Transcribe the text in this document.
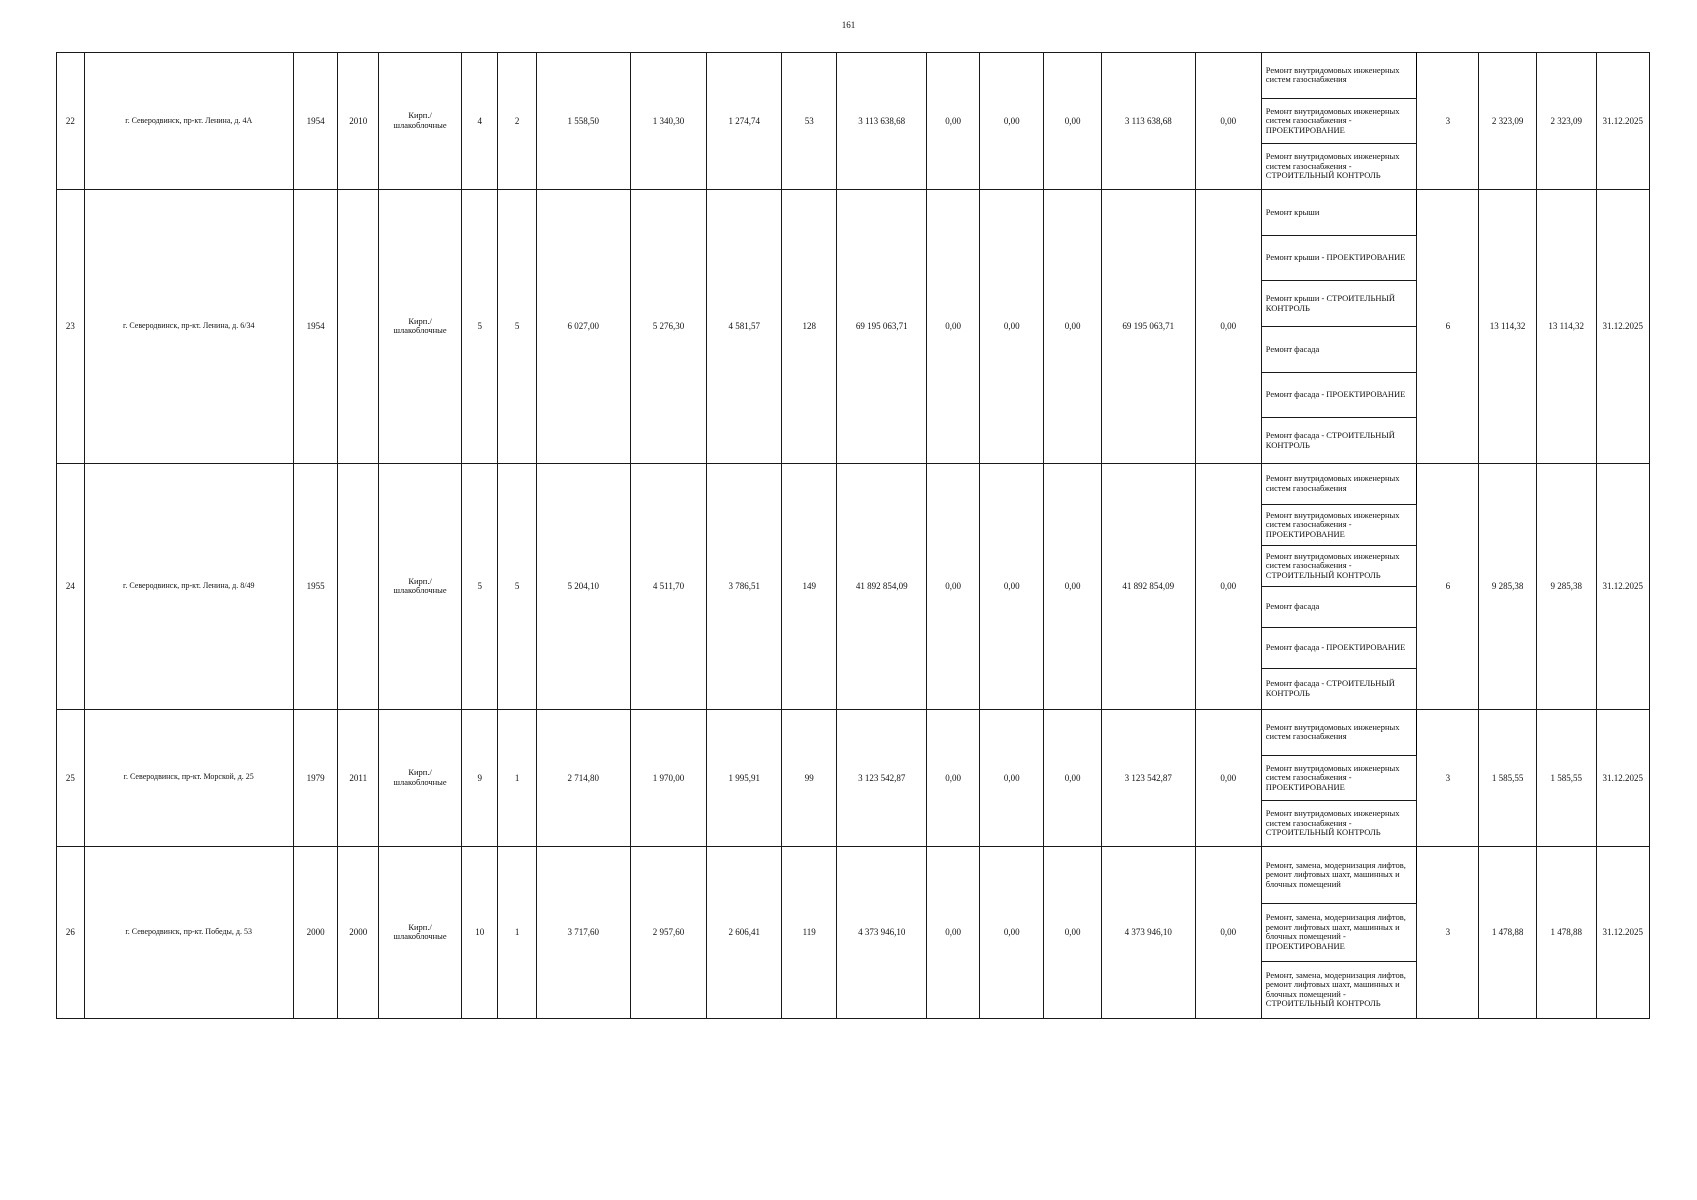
161
22	г. Северодвинск, пр-кт. Ленина, д. 4А	1954	2010	Кирп./ шлакоблочные	4	2	1 558,50	1 340,30	1 274,74	53	3 113 638,68	0,00	0,00	0,00	3 113 638,68	0,00	Ремонт внутридомовых инженерных систем газоснабжения	3	2 323,09	2 323,09	31.12.2025
																	Ремонт внутридомовых инженерных систем газоснабжения - ПРОЕКТИРОВАНИЕ				
																	Ремонт внутридомовых инженерных систем газоснабжения - СТРОИТЕЛЬНЫЙ КОНТРОЛЬ				
23	г. Северодвинск, пр-кт. Ленина, д. 6/34	1954		Кирп./ шлакоблочные	5	5	6 027,00	5 276,30	4 581,57	128	69 195 063,71	0,00	0,00	0,00	69 195 063,71	0,00	Ремонт крыши	6	13 114,32	13 114,32	31.12.2025
																	Ремонт крыши - ПРОЕКТИРОВАНИЕ				
																	Ремонт крыши - СТРОИТЕЛЬНЫЙ КОНТРОЛЬ				
																	Ремонт фасада				
																	Ремонт фасада - ПРОЕКТИРОВАНИЕ				
																	Ремонт фасада - СТРОИТЕЛЬНЫЙ КОНТРОЛЬ				
24	г. Северодвинск, пр-кт. Ленина, д. 8/49	1955		Кирп./ шлакоблочные	5	5	5 204,10	4 511,70	3 786,51	149	41 892 854,09	0,00	0,00	0,00	41 892 854,09	0,00	Ремонт внутридомовых инженерных систем газоснабжения	6	9 285,38	9 285,38	31.12.2025
																	Ремонт внутридомовых инженерных систем газоснабжения - ПРОЕКТИРОВАНИЕ				
																	Ремонт внутридомовых инженерных систем газоснабжения - СТРОИТЕЛЬНЫЙ КОНТРОЛЬ				
																	Ремонт фасада				
																	Ремонт фасада - ПРОЕКТИРОВАНИЕ				
																	Ремонт фасада - СТРОИТЕЛЬНЫЙ КОНТРОЛЬ				
25	г. Северодвинск, пр-кт. Морской, д. 25	1979	2011	Кирп./ шлакоблочные	9	1	2 714,80	1 970,00	1 995,91	99	3 123 542,87	0,00	0,00	0,00	3 123 542,87	0,00	Ремонт внутридомовых инженерных систем газоснабжения	3	1 585,55	1 585,55	31.12.2025
																	Ремонт внутридомовых инженерных систем газоснабжения - ПРОЕКТИРОВАНИЕ				
																	Ремонт внутридомовых инженерных систем газоснабжения - СТРОИТЕЛЬНЫЙ КОНТРОЛЬ				
26	г. Северодвинск, пр-кт. Победы, д. 53	2000	2000	Кирп./ шлакоблочные	10	1	3 717,60	2 957,60	2 606,41	119	4 373 946,10	0,00	0,00	0,00	4 373 946,10	0,00	Ремонт, замена, модернизация лифтов, ремонт лифтовых шахт, машинных и блочных помещений	3	1 478,88	1 478,88	31.12.2025
																	Ремонт, замена, модернизация лифтов, ремонт лифтовых шахт, машинных и блочных помещений - ПРОЕКТИРОВАНИЕ				
																	Ремонт, замена, модернизация лифтов, ремонт лифтовых шахт, машинных и блочных помещений - СТРОИТЕЛЬНЫЙ КОНТРОЛЬ				
